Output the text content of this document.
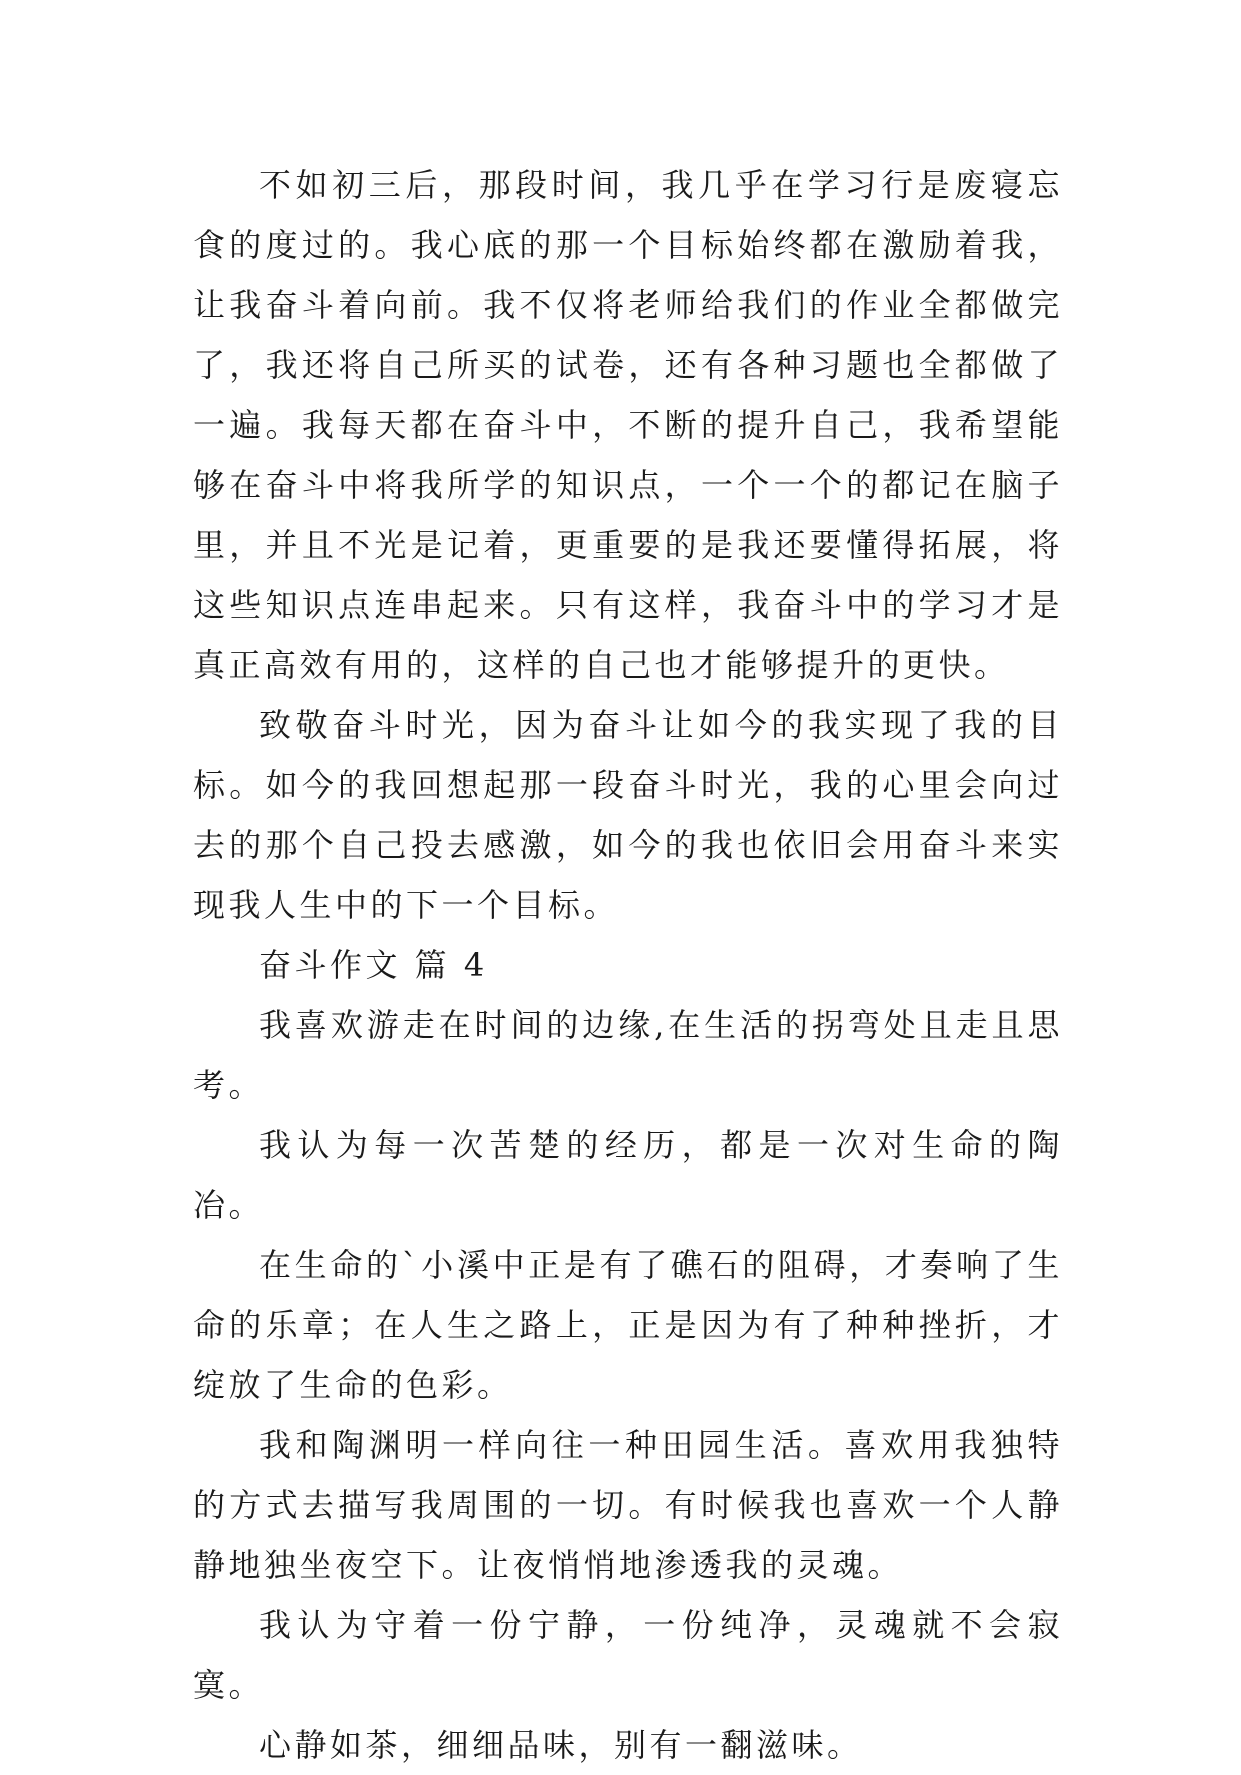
不如初三后，那段时间，我几乎在学习行是废寝忘食的度过的。我心底的那一个目标始终都在激励着我，让我奋斗着向前。我不仅将老师给我们的作业全都做完了，我还将自己所买的试卷，还有各种习题也全都做了一遍。我每天都在奋斗中，不断的提升自己，我希望能够在奋斗中将我所学的知识点，一个一个的都记在脑子里，并且不光是记着，更重要的是我还要懂得拓展，将这些知识点连串起来。只有这样，我奋斗中的学习才是真正高效有用的，这样的自己也才能够提升的更快。

致敬奋斗时光，因为奋斗让如今的我实现了我的目标。如今的我回想起那一段奋斗时光，我的心里会向过去的那个自己投去感激，如今的我也依旧会用奋斗来实现我人生中的下一个目标。

奋斗作文 篇 4

我喜欢游走在时间的边缘,在生活的拐弯处且走且思考。

我认为每一次苦楚的经历，都是一次对生命的陶冶。

在生命的`小溪中正是有了礁石的阻碍，才奏响了生命的乐章；在人生之路上，正是因为有了种种挫折，才绽放了生命的色彩。

我和陶渊明一样向往一种田园生活。喜欢用我独特的方式去描写我周围的一切。有时候我也喜欢一个人静静地独坐夜空下。让夜悄悄地渗透我的灵魂。

我认为守着一份宁静，一份纯净，灵魂就不会寂寞。

心静如茶，细细品味，别有一翻滋味。
